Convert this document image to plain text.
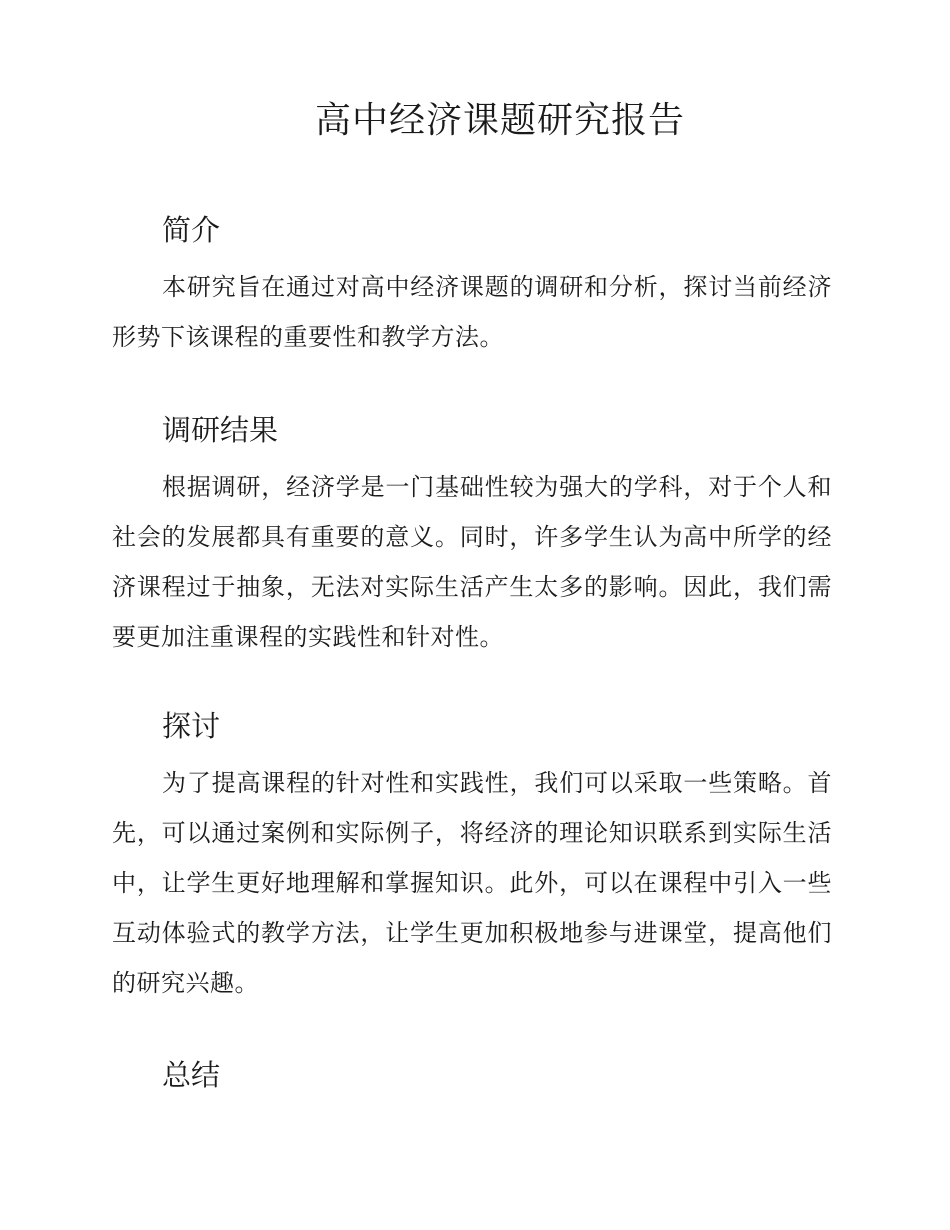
高中经济课题研究报告
简介

本研究旨在通过对高中经济课题的调研和分析，探讨当前经济形势下该课程的重要性和教学方法。

调研结果

根据调研，经济学是一门基础性较为强大的学科，对于个人和社会的发展都具有重要的意义。同时，许多学生认为高中所学的经济课程过于抽象，无法对实际生活产生太多的影响。因此，我们需要更加注重课程的实践性和针对性。

探讨

为了提高课程的针对性和实践性，我们可以采取一些策略。首先，可以通过案例和实际例子，将经济的理论知识联系到实际生活中，让学生更好地理解和掌握知识。此外，可以在课程中引入一些互动体验式的教学方法，让学生更加积极地参与进课堂，提高他们的研究兴趣。

总结
